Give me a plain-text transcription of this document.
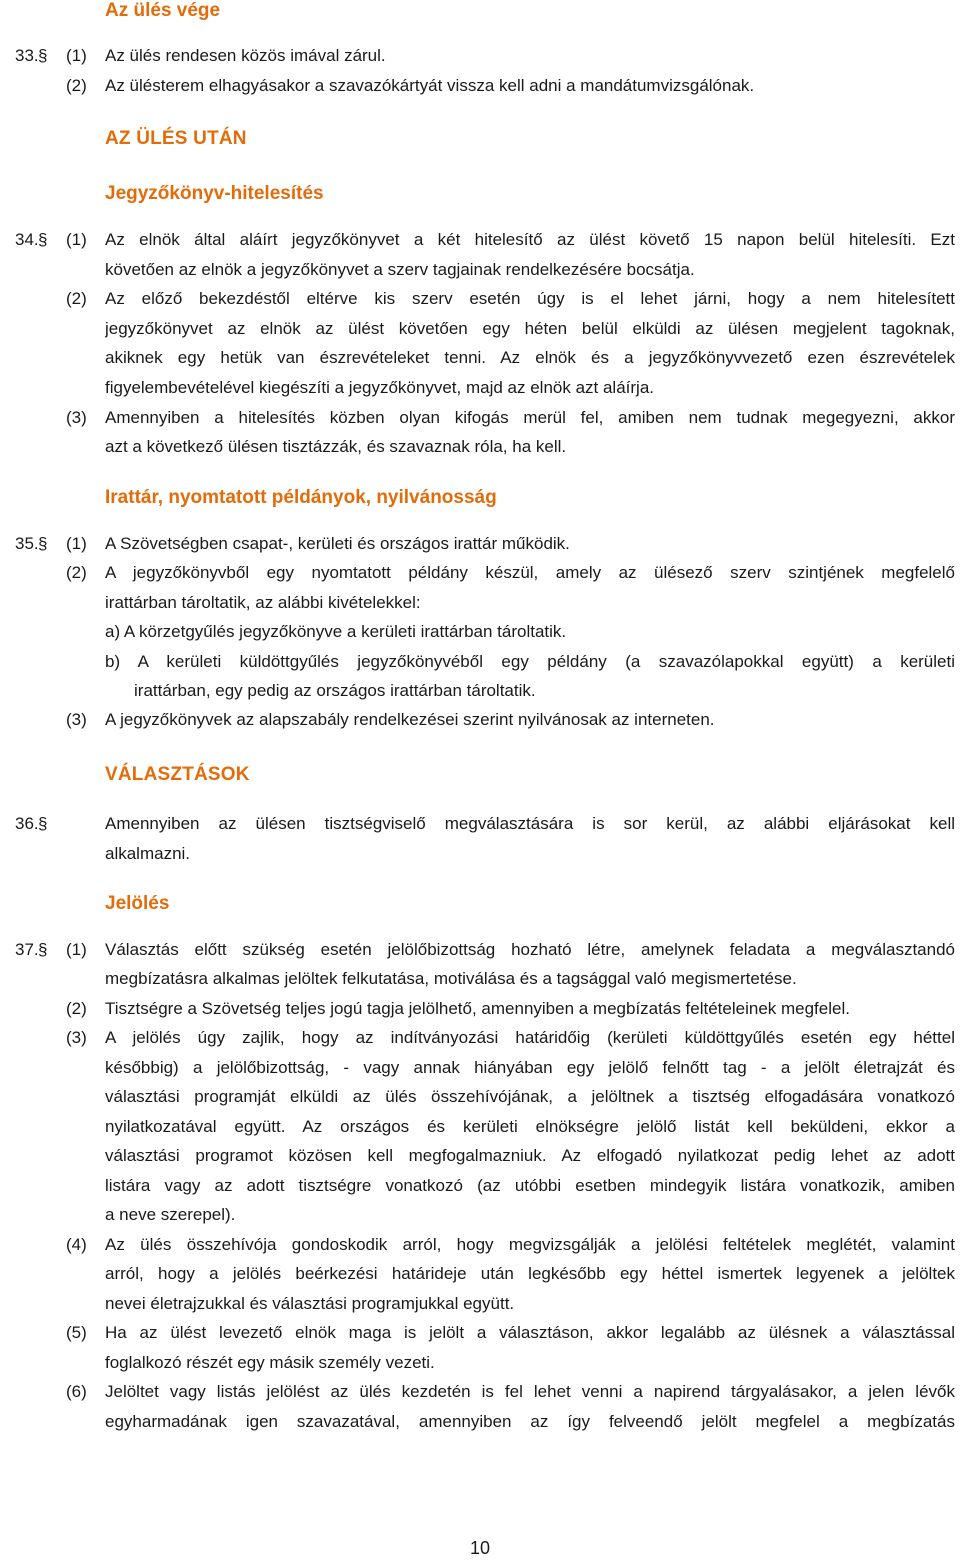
Az ülés vége
33. § (1) Az ülés rendesen közös imával zárul.
(2) Az ülésterem elhagyásakor a szavazókártyát vissza kell adni a mandátumvizsgálónak.
AZ ÜLÉS UTÁN
Jegyzőkönyv-hitelesítés
34. § (1) Az elnök által aláírt jegyzőkönyvet a két hitelesítő az ülést követő 15 napon belül hitelesíti. Ezt
követően az elnök a jegyzőkönyvet a szerv tagjainak rendelkezésére bocsátja.
(2) Az előző bekezdéstől eltérve kis szerv esetén úgy is el lehet járni, hogy a nem hitelesített
jegyzőkönyvet az elnök az ülést követően egy héten belül elküldi az ülésen megjelent tagoknak,
akiknek egy hetük van észrevételeket tenni. Az elnök és a jegyzőkönyvvezető ezen észrevételek
figyelembevételével kiegészíti a jegyzőkönyvet, majd az elnök azt aláírja.
(3) Amennyiben a hitelesítés közben olyan kifogás merül fel, amiben nem tudnak megegyezni, akkor
azt a következő ülésen tisztázzák, és szavaznak róla, ha kell.
Irattár, nyomtatott példányok, nyilvánosság
35. § (1) A Szövetségben csapat-, kerületi és országos irattár működik.
(2) A jegyzőkönyvből egy nyomtatott példány készül, amely az ülésező szerv szintjének megfelelő
irattárban tároltatik, az alábbi kivételekkel:
a) A körzetgyűlés jegyzőkönyve a kerületi irattárban tároltatik.
b) A kerületi küldöttgyűlés jegyzőkönyvéből egy példány (a szavazólapokkal együtt) a kerületi
irattárban, egy pedig az országos irattárban tároltatik.
(3) A jegyzőkönyvek az alapszabály rendelkezései szerint nyilvánosak az interneten.
VÁLASZTÁSOK
36. §	Amennyiben az ülésen tisztségviselő megválasztására is sor kerül, az alábbi eljárásokat kell
alkalmazni.
Jelölés
37. § (1) Választás előtt szükség esetén jelölőbizottság hozható létre, amelynek feladata a megválasztandó
megbízatásra alkalmas jelöltek felkutatása, motiválása és a tagsággal való megismertetése.
(2) Tisztségre a Szövetség teljes jogú tagja jelölhető, amennyiben a megbízatás feltételeinek megfelel.
(3) A jelölés úgy zajlik, hogy az indítványozási határidőig (kerületi küldöttgyűlés esetén egy héttel
későbbig) a jelölőbizottság, - vagy annak hiányában egy jelölő felnőtt tag - a jelölt életrajzát és
választási programját elküldi az ülés összehívójának, a jelöltnek a tisztség elfogadására vonatkozó
nyilatkozatával együtt. Az országos és kerületi elnökségre jelölő listát kell beküldeni, ekkor a
választási programot közösen kell megfogalmazniuk. Az elfogadó nyilatkozat pedig lehet az adott
listára vagy az adott tisztségre vonatkozó (az utóbbi esetben mindegyik listára vonatkozik, amiben
a neve szerepel).
(4) Az ülés összehívója gondoskodik arról, hogy megvizsgálják a jelölési feltételek meglétét, valamint
arról, hogy a jelölés beérkezési határideje után legkésőbb egy héttel ismertek legyenek a jelöltek
nevei életrajzukkal és választási programjukkal együtt.
(5) Ha az ülést levezető elnök maga is jelölt a választáson, akkor legalább az ülésnek a választással
foglalkozó részét egy másik személy vezeti.
(6) Jelöltet vagy listás jelölést az ülés kezdetén is fel lehet venni a napirend tárgyalásakor, a jelen lévők
egyharmadának igen szavazatával, amennyiben az így felveendő jelölt megfelel a megbízatás
10
